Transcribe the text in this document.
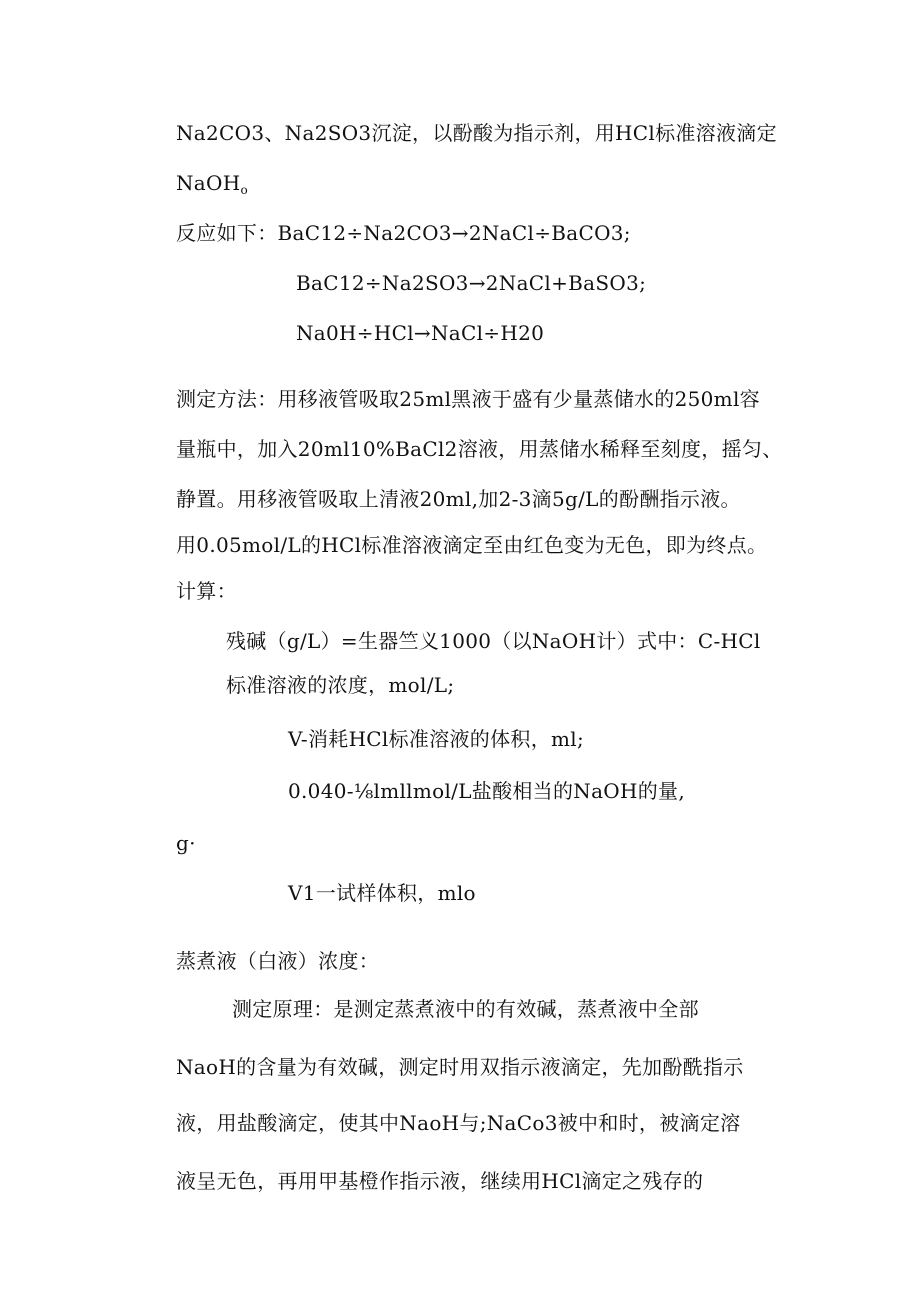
Na2CO3、Na2SO3沉淀，以酚酸为指示剂，用HCl标准溶液滴定
NaOH$_o$
反应如下：BaC12÷Na2CO3→2NaCl÷BaCO3;
BaC12÷Na2SO3→2NaCl+BaSO3;
Na0H÷HCl→NaCl÷H20
测定方法：用移液管吸取25ml黑液于盛有少量蒸储水的250ml容
量瓶中，加入20ml10%BaCl2溶液，用蒸储水稀释至刻度，摇匀、
静置。用移液管吸取上清液20ml,加2-3滴5g/L的酚酬指示液。
用0.05mol/L的HCl标准溶液滴定至由红色变为无色，即为终点。
计算：
残碱（g/L）=生器竺义1000（以NaOH计）式中：C-HCl
标准溶液的浓度，mol/L;
V-消耗HCl标准溶液的体积，ml;
0.040-⅛lmllmol/L盐酸相当的NaOH的量,
g·
V1一试样体积，mlo
蒸煮液（白液）浓度：
测定原理：是测定蒸煮液中的有效碱，蒸煮液中全部
NaoH的含量为有效碱，测定时用双指示液滴定，先加酚酰指示
液，用盐酸滴定，使其中NaoH与;NaCo3被中和时，被滴定溶
液呈无色，再用甲基橙作指示液，继续用HCl滴定之残存的
